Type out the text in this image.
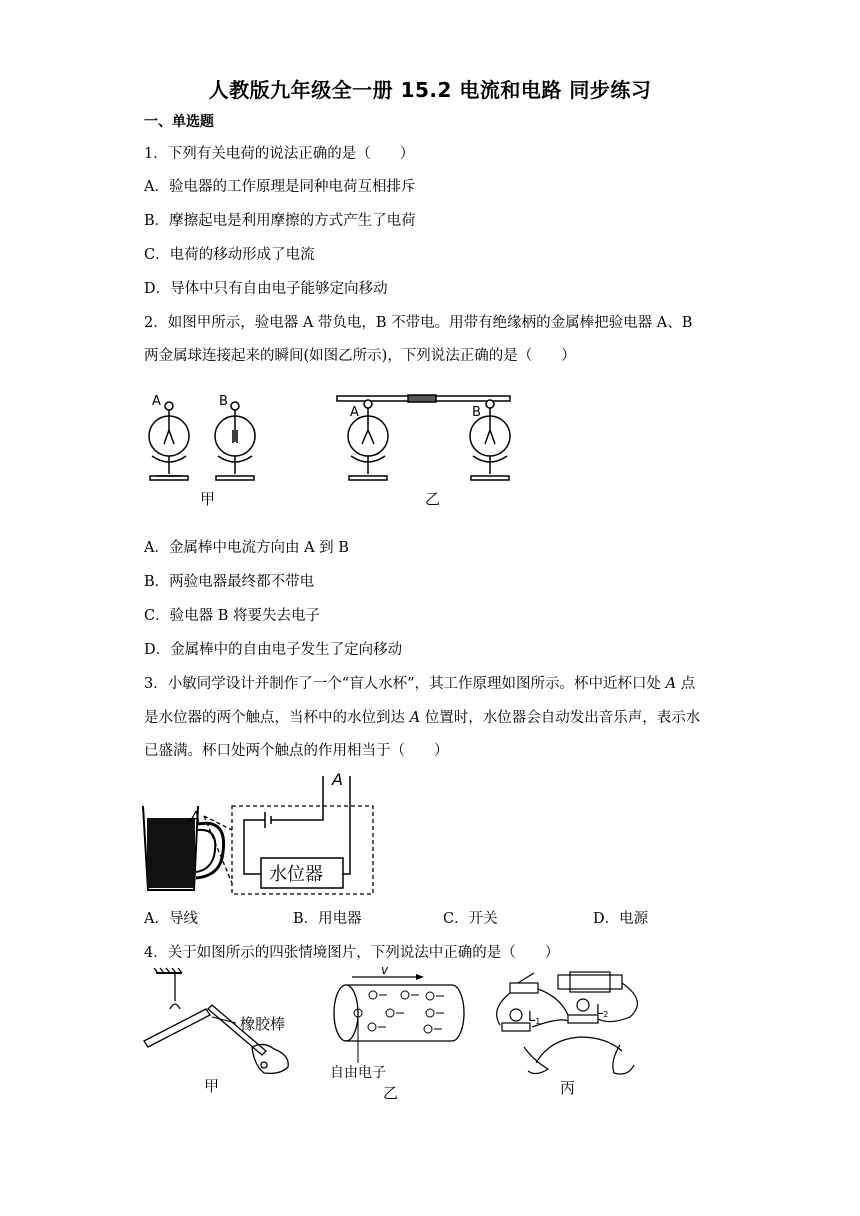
人教版九年级全一册 15.2 电流和电路 同步练习
一、单选题
1．下列有关电荷的说法正确的是（　　）
A．验电器的工作原理是同种电荷互相排斥
B．摩擦起电是利用摩擦的方式产生了电荷
C．电荷的移动形成了电流
D．导体中只有自由电子能够定向移动
2．如图甲所示，验电器 A 带负电，B 不带电。用带有绝缘柄的金属棒把验电器 A、B
两金属球连接起来的瞬间(如图乙所示)，下列说法正确的是（　　）
A	B
甲
A	B
乙
A．金属棒中电流方向由 A 到 B
B．两验电器最终都不带电
C．验电器 B 将要失去电子
D．金属棒中的自由电子发生了定向移动
3．小敏同学设计并制作了一个“盲人水杯”，其工作原理如图所示。杯中近杯口处 A 点
是水位器的两个触点，当杯中的水位到达 A 位置时，水位器会自动发出音乐声，表示水
已盛满。杯口处两个触点的作用相当于（　　）
A
水位器
A
A．导线	B．用电器	C．开关	D．电源
4．关于如图所示的四张情境图片，下列说法中正确的是（　　）
橡胶棒
甲
v
自由电子
乙
$L_1$
$L_2$
丙
